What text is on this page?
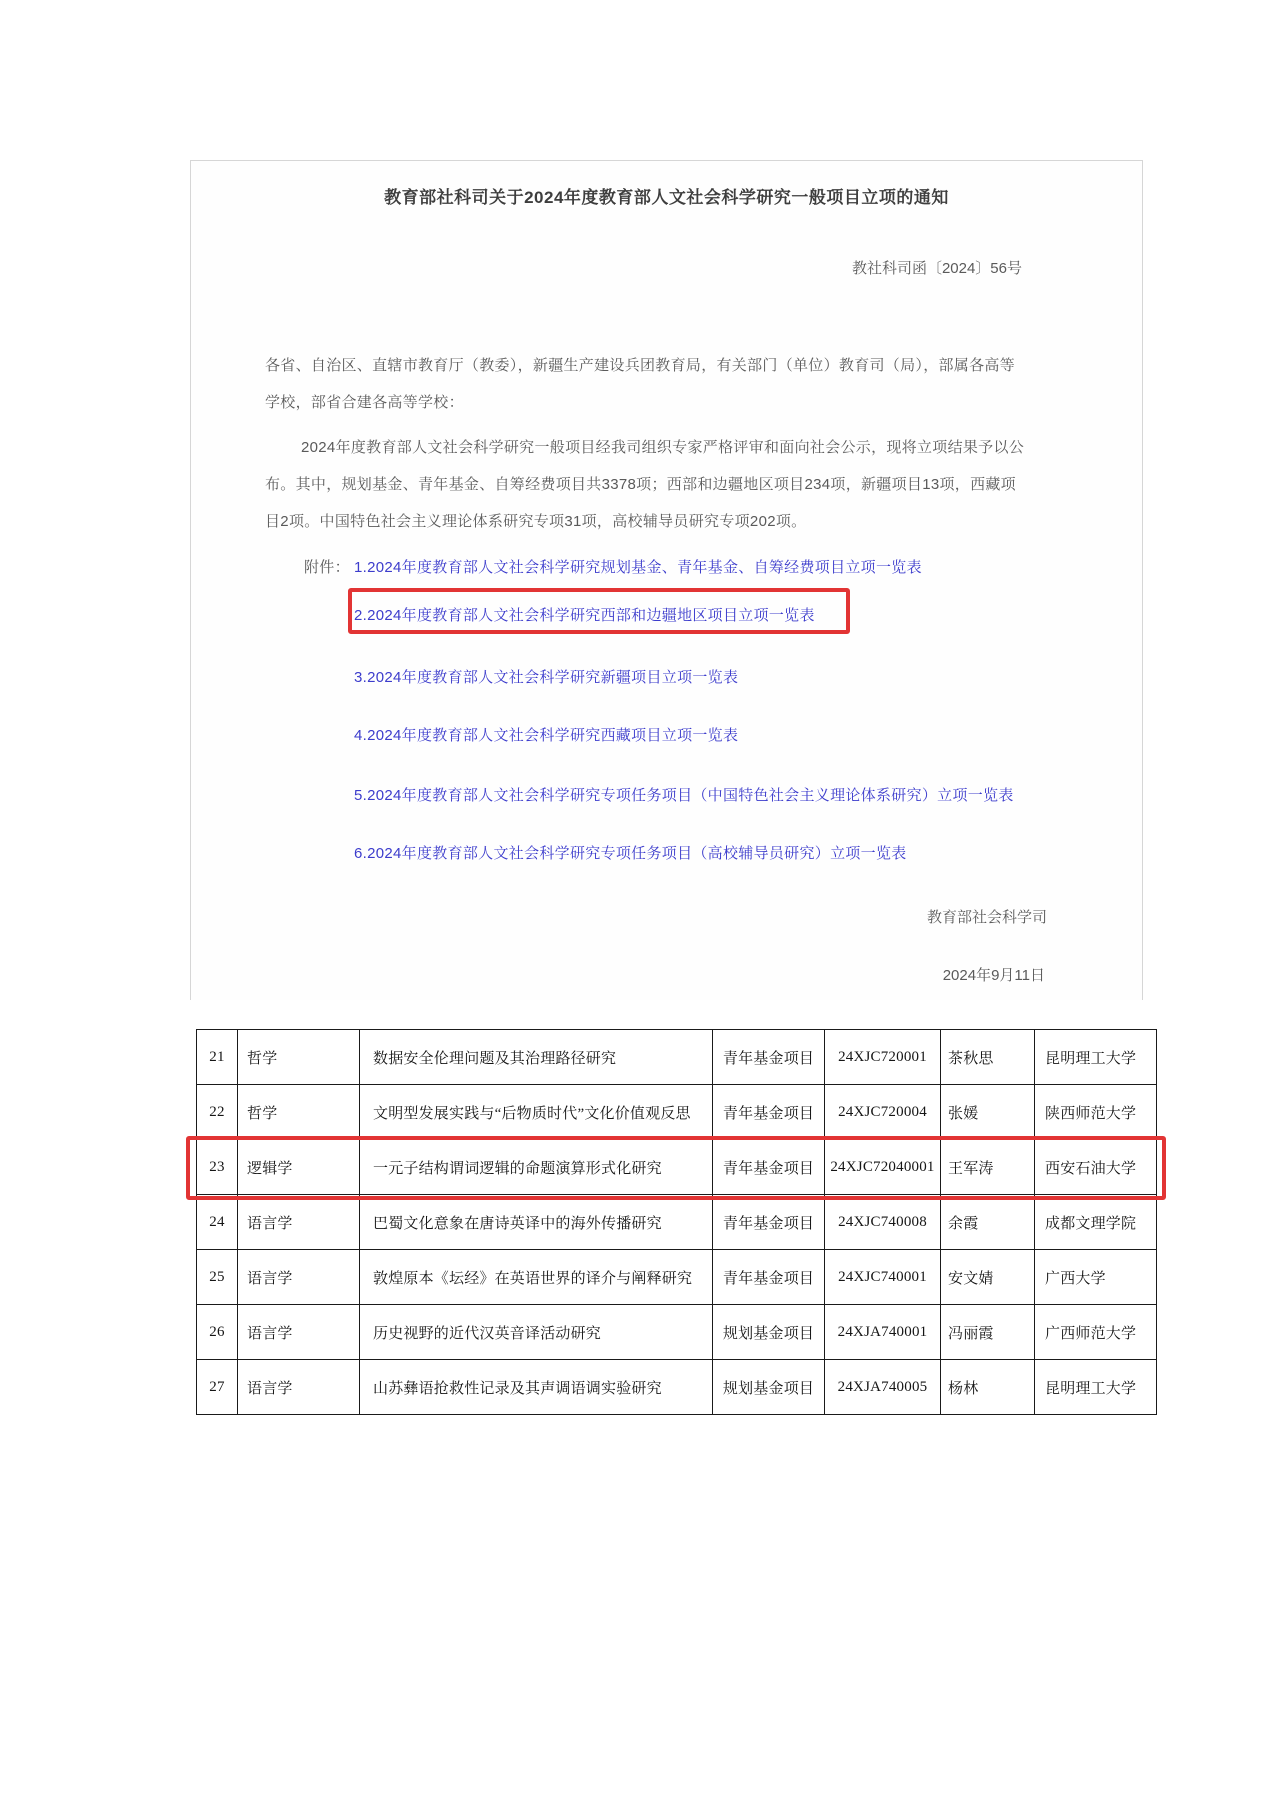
教育部社科司关于2024年度教育部人文社会科学研究一般项目立项的通知
教社科司函〔2024〕56号
各省、自治区、直辖市教育厅（教委），新疆生产建设兵团教育局，有关部门（单位）教育司（局），部属各高等
学校，部省合建各高等学校：
2024年度教育部人文社会科学研究一般项目经我司组织专家严格评审和面向社会公示，现将立项结果予以公
布。其中，规划基金、青年基金、自筹经费项目共3378项；西部和边疆地区项目234项，新疆项目13项，西藏项
目2项。中国特色社会主义理论体系研究专项31项，高校辅导员研究专项202项。
附件： 1.2024年度教育部人文社会科学研究规划基金、青年基金、自筹经费项目立项一览表
2.2024年度教育部人文社会科学研究西部和边疆地区项目立项一览表
3.2024年度教育部人文社会科学研究新疆项目立项一览表
4.2024年度教育部人文社会科学研究西藏项目立项一览表
5.2024年度教育部人文社会科学研究专项任务项目（中国特色社会主义理论体系研究）立项一览表
6.2024年度教育部人文社会科学研究专项任务项目（高校辅导员研究）立项一览表
教育部社会科学司
2024年9月11日
21	哲学	数据安全伦理问题及其治理路径研究	青年基金项目	24XJC720001	茶秋思	昆明理工大学
22	哲学	文明型发展实践与“后物质时代”文化价值观反思	青年基金项目	24XJC720004	张媛	陕西师范大学
23	逻辑学	一元子结构谓词逻辑的命题演算形式化研究	青年基金项目	24XJC72040001	王军涛	西安石油大学
24	语言学	巴蜀文化意象在唐诗英译中的海外传播研究	青年基金项目	24XJC740008	余霞	成都文理学院
25	语言学	敦煌原本《坛经》在英语世界的译介与阐释研究	青年基金项目	24XJC740001	安文婧	广西大学
26	语言学	历史视野的近代汉英音译活动研究	规划基金项目	24XJA740001	冯丽霞	广西师范大学
27	语言学	山苏彝语抢救性记录及其声调语调实验研究	规划基金项目	24XJA740005	杨林	昆明理工大学
